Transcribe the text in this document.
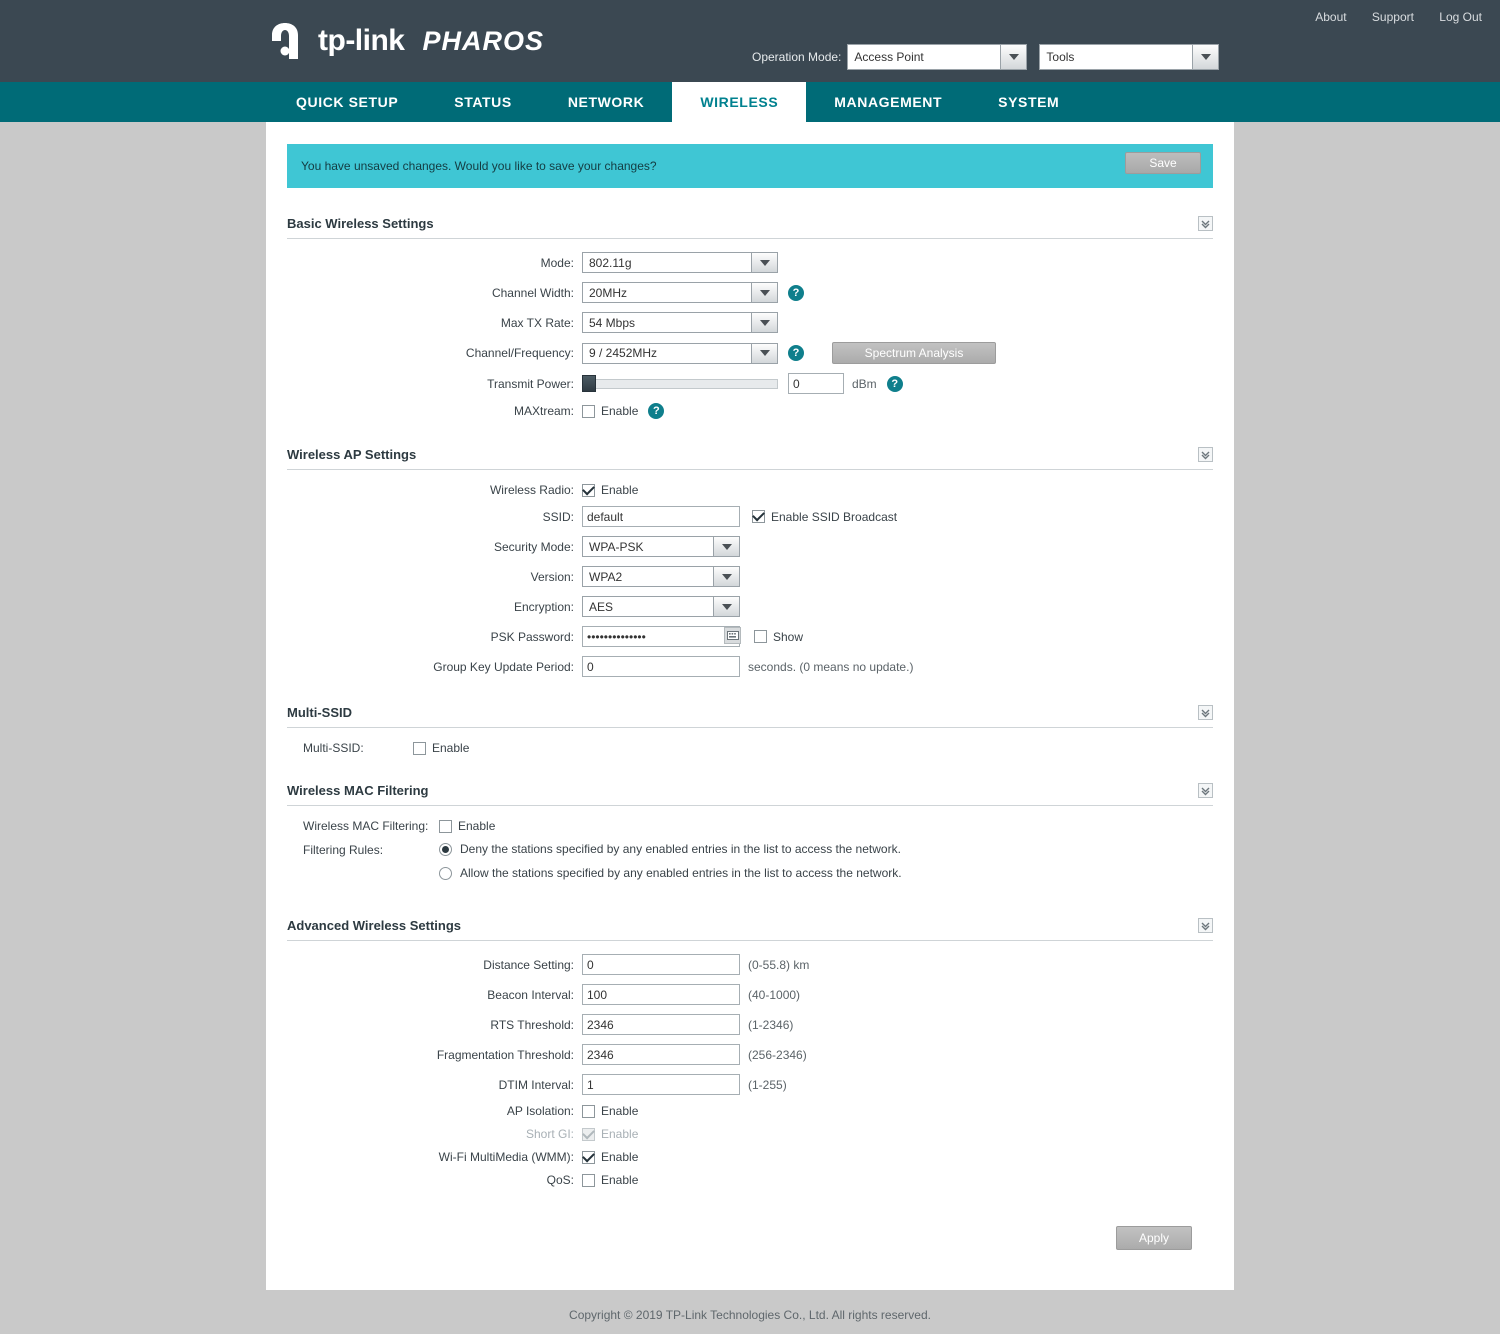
About Support Log Out
tp-link PHAROS
Operation Mode:	Access Point	Tools
QUICK SETUP	STATUS	NETWORK	WIRELESS	MANAGEMENT	SYSTEM
You have unsaved changes. Would you like to save your changes?	Save
Basic Wireless Settings
Mode:	802.11g
Channel Width:	20MHz	?
Max TX Rate:	54 Mbps
Channel/Frequency:	9 / 2452MHz	?	Spectrum Analysis
Transmit Power:
0	dBm	?
MAXtream:	Enable	?
Wireless AP Settings
Wireless Radio:	Enable
SSID:
default	Enable SSID Broadcast
Security Mode:	WPA-PSK
Version:	WPA2
Encryption:	AES
PSK Password:
••••••••••••••	Show
Group Key Update Period:
0	seconds. (0 means no update.)
Multi-SSID
Multi-SSID:	Enable
Wireless MAC Filtering
Wireless MAC Filtering:	Enable
Filtering Rules:	Deny the stations specified by any enabled entries in the list to access the network.
Allow the stations specified by any enabled entries in the list to access the network.
Advanced Wireless Settings
Distance Setting:
0	(0-55.8) km
Beacon Interval:
100	(40-1000)
RTS Threshold:
2346	(1-2346)
Fragmentation Threshold:
2346	(256-2346)
DTIM Interval:
1	(1-255)
AP Isolation:	Enable
Short GI:	Enable
Wi-Fi MultiMedia (WMM):	Enable
QoS:	Enable
Apply
Copyright © 2019 TP-Link Technologies Co., Ltd. All rights reserved.
